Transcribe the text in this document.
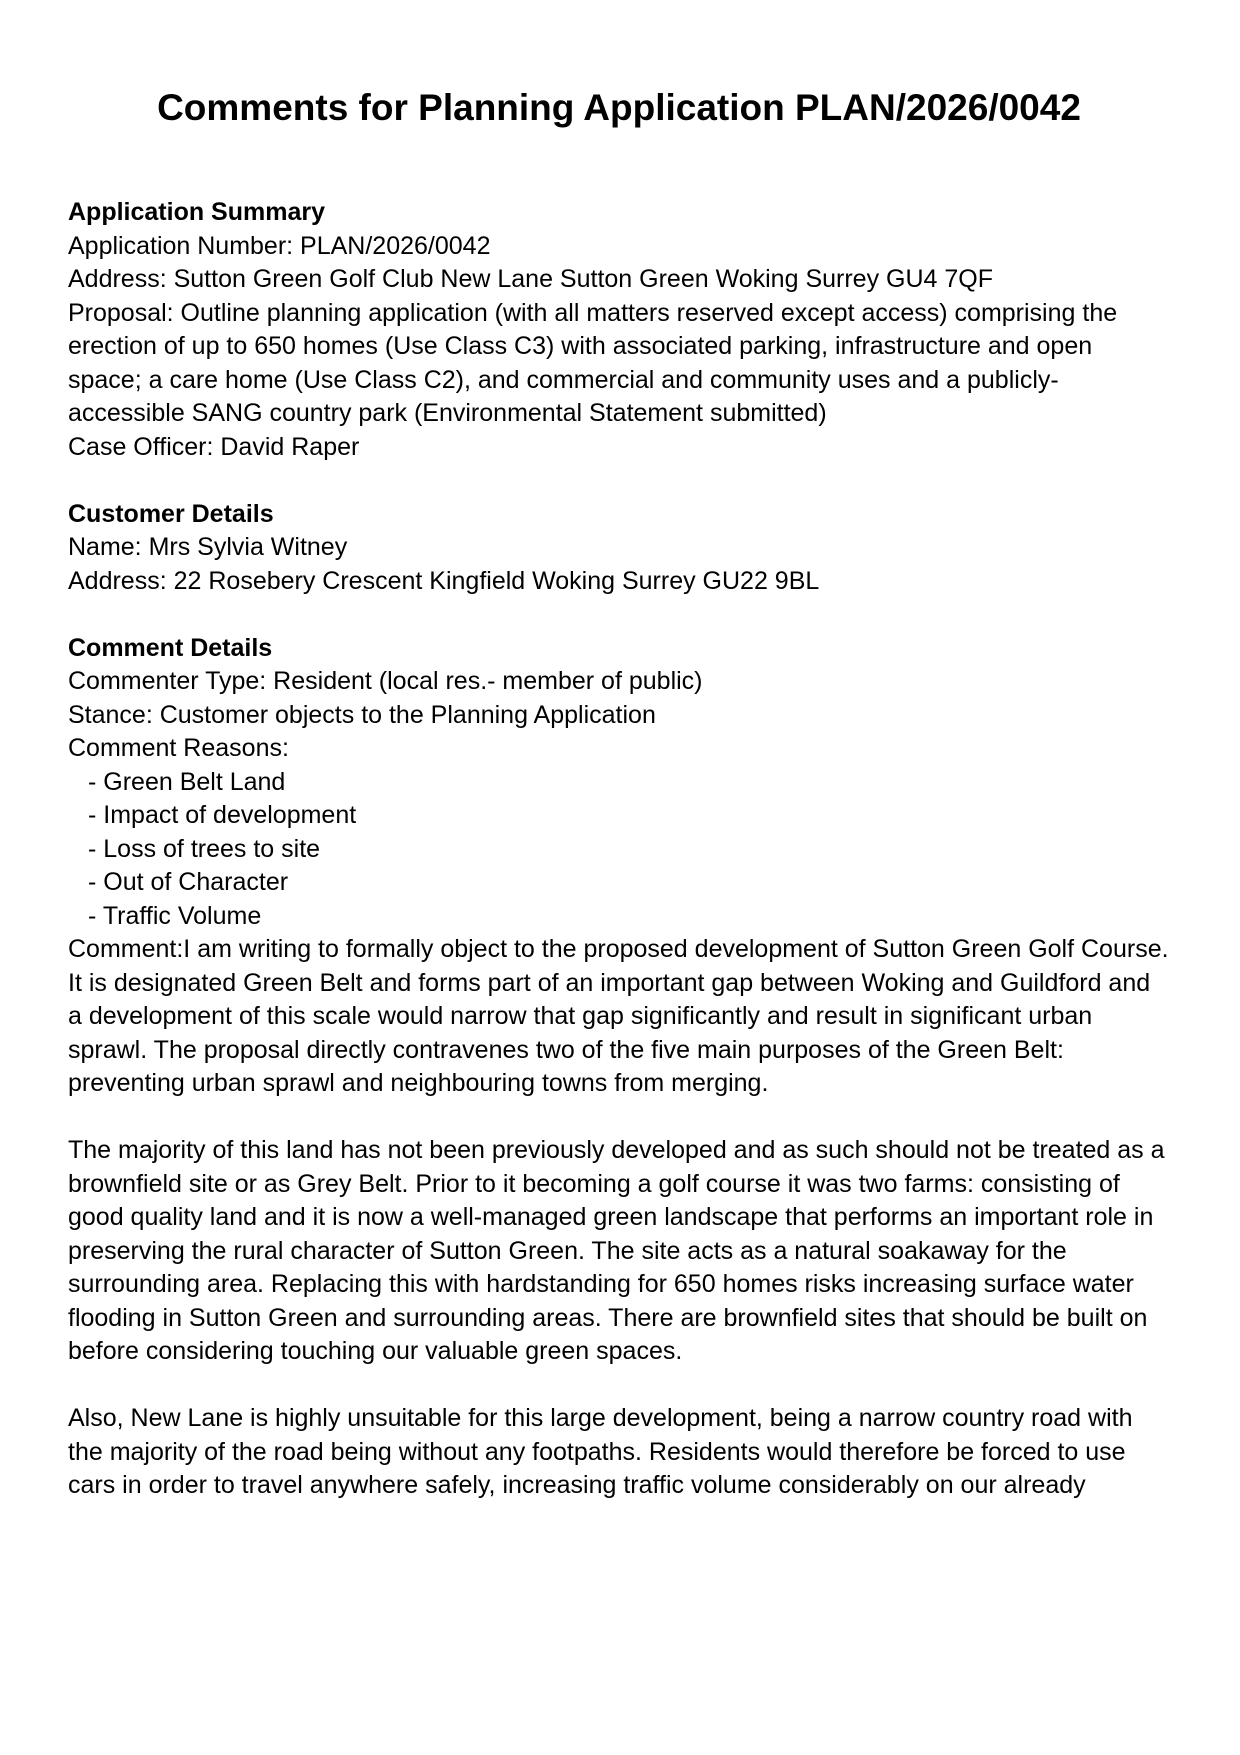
Comments for Planning Application PLAN/2026/0042

Application Summary

Application Number: PLAN/2026/0042

Address: Sutton Green Golf Club New Lane Sutton Green Woking Surrey GU4 7QF

Proposal: Outline planning application (with all matters reserved except access) comprising the erection of up to 650 homes (Use Class C3) with associated parking, infrastructure and open space; a care home (Use Class C2), and commercial and community uses and a publicly-accessible SANG country park (Environmental Statement submitted)

Case Officer: David Raper

Customer Details

Name: Mrs Sylvia Witney

Address: 22 Rosebery Crescent Kingfield Woking Surrey GU22 9BL

Comment Details

Commenter Type: Resident (local res.- member of public)

Stance: Customer objects to the Planning Application

Comment Reasons:

- Green Belt Land

- Impact of development

- Loss of trees to site

- Out of Character

- Traffic Volume

Comment:I am writing to formally object to the proposed development of Sutton Green Golf Course. It is designated Green Belt and forms part of an important gap between Woking and Guildford and a development of this scale would narrow that gap significantly and result in significant urban sprawl. The proposal directly contravenes two of the five main purposes of the Green Belt: preventing urban sprawl and neighbouring towns from merging.

The majority of this land has not been previously developed and as such should not be treated as a brownfield site or as Grey Belt. Prior to it becoming a golf course it was two farms: consisting of good quality land and it is now a well-managed green landscape that performs an important role in preserving the rural character of Sutton Green. The site acts as a natural soakaway for the surrounding area. Replacing this with hardstanding for 650 homes risks increasing surface water flooding in Sutton Green and surrounding areas. There are brownfield sites that should be built on before considering touching our valuable green spaces.

Also, New Lane is highly unsuitable for this large development, being a narrow country road with the majority of the road being without any footpaths. Residents would therefore be forced to use cars in order to travel anywhere safely, increasing traffic volume considerably on our already
